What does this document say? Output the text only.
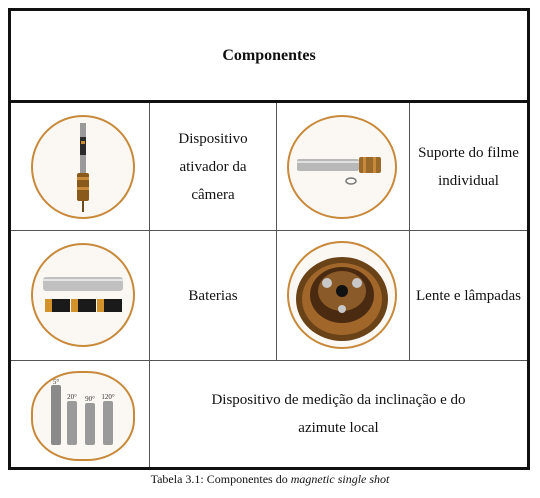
Componentes
Dispositivo ativador da câmera
Suporte do filme individual
Baterias	Lente e lâmpadas
5°
20° 90° 120°	Dispositivo de medição da inclinação e do azimute local
Tabela 3.1: Componentes do magnetic single shot
